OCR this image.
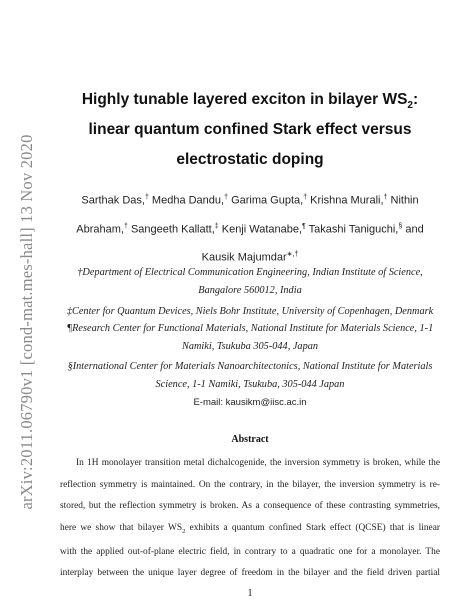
arXiv:2011.06790v1 [cond-mat.mes-hall] 13 Nov 2020
Highly tunable layered exciton in bilayer $WS_2$:
linear quantum confined Stark effect versus
electrostatic doping
Sarthak Das,† Medha Dandu,† Garima Gupta,† Krishna Murali,† Nithin Abraham,† Sangeeth Kallatt,‡ Kenji Watanabe,¶ Takashi Taniguchi,§ and
Kausik Majumdar∗,†
†Department of Electrical Communication Engineering, Indian Institute of Science,
Bangalore 560012, India
‡Center for Quantum Devices, Niels Bohr Institute, University of Copenhagen, Denmark
¶Research Center for Functional Materials, National Institute for Materials Science, 1-1
Namiki, Tsukuba 305-044, Japan
§International Center for Materials Nanoarchitectonics, National Institute for Materials
Science, 1-1 Namiki, Tsukuba, 305-044 Japan
E-mail: kausikm@iisc.ac.in
Abstract
In 1H monolayer transition metal dichalcogenide, the inversion symmetry is broken, while the
reflection symmetry is maintained. On the contrary, in the bilayer, the inversion symmetry is re-
stored, but the reflection symmetry is broken. As a consequence of these contrasting symmetries,
here we show that bilayer $WS_2$ exhibits a quantum confined Stark effect (QCSE) that is linear
with the applied out-of-plane electric field, in contrary to a quadratic one for a monolayer. The
interplay between the unique layer degree of freedom in the bilayer and the field driven partial
1
